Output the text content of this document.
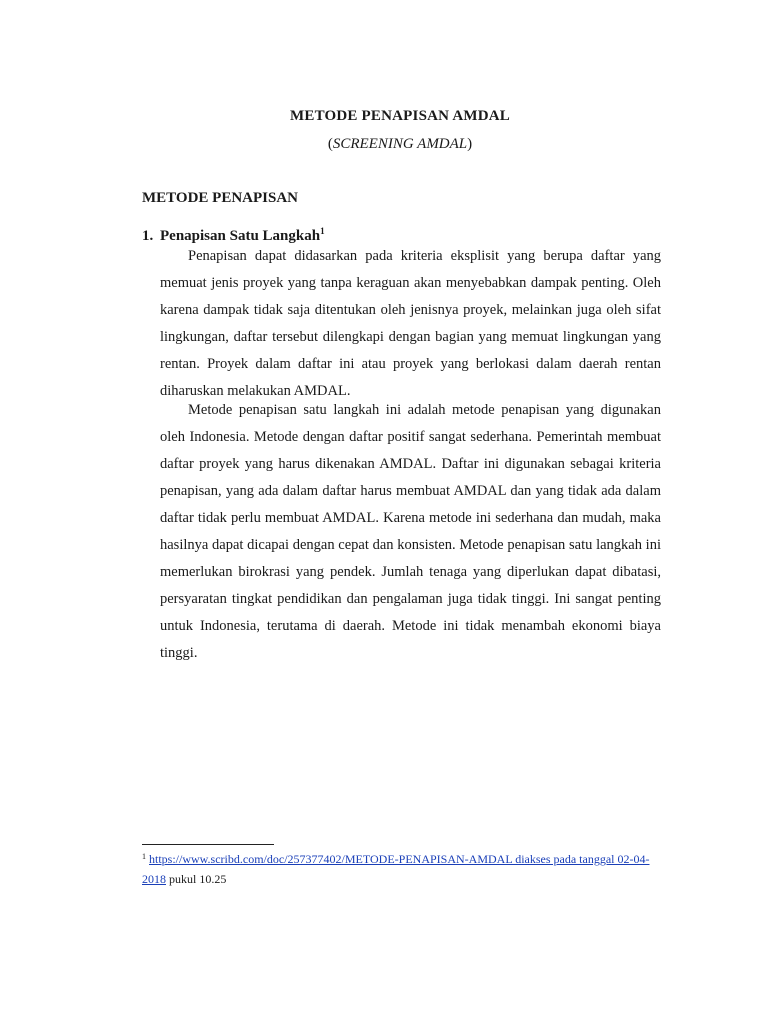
METODE PENAPISAN AMDAL
(SCREENING AMDAL)
METODE PENAPISAN
1. Penapisan Satu Langkah$^1$

Penapisan dapat didasarkan pada kriteria eksplisit yang berupa daftar yang memuat jenis proyek yang tanpa keraguan akan menyebabkan dampak penting. Oleh karena dampak tidak saja ditentukan oleh jenisnya proyek, melainkan juga oleh sifat lingkungan, daftar tersebut dilengkapi dengan bagian yang memuat lingkungan yang rentan. Proyek dalam daftar ini atau proyek yang berlokasi dalam daerah rentan diharuskan melakukan AMDAL.

Metode penapisan satu langkah ini adalah metode penapisan yang digunakan oleh Indonesia. Metode dengan daftar positif sangat sederhana. Pemerintah membuat daftar proyek yang harus dikenakan AMDAL. Daftar ini digunakan sebagai kriteria penapisan, yang ada dalam daftar harus membuat AMDAL dan yang tidak ada dalam daftar tidak perlu membuat AMDAL. Karena metode ini sederhana dan mudah, maka hasilnya dapat dicapai dengan cepat dan konsisten. Metode penapisan satu langkah ini memerlukan birokrasi yang pendek. Jumlah tenaga yang diperlukan dapat dibatasi, persyaratan tingkat pendidikan dan pengalaman juga tidak tinggi. Ini sangat penting untuk Indonesia, terutama di daerah. Metode ini tidak menambah ekonomi biaya tinggi.

$^1$ https://www.scribd.com/doc/257377402/METODE-PENAPISAN-AMDAL diakses pada tanggal 02-04-2018 pukul 10.25
